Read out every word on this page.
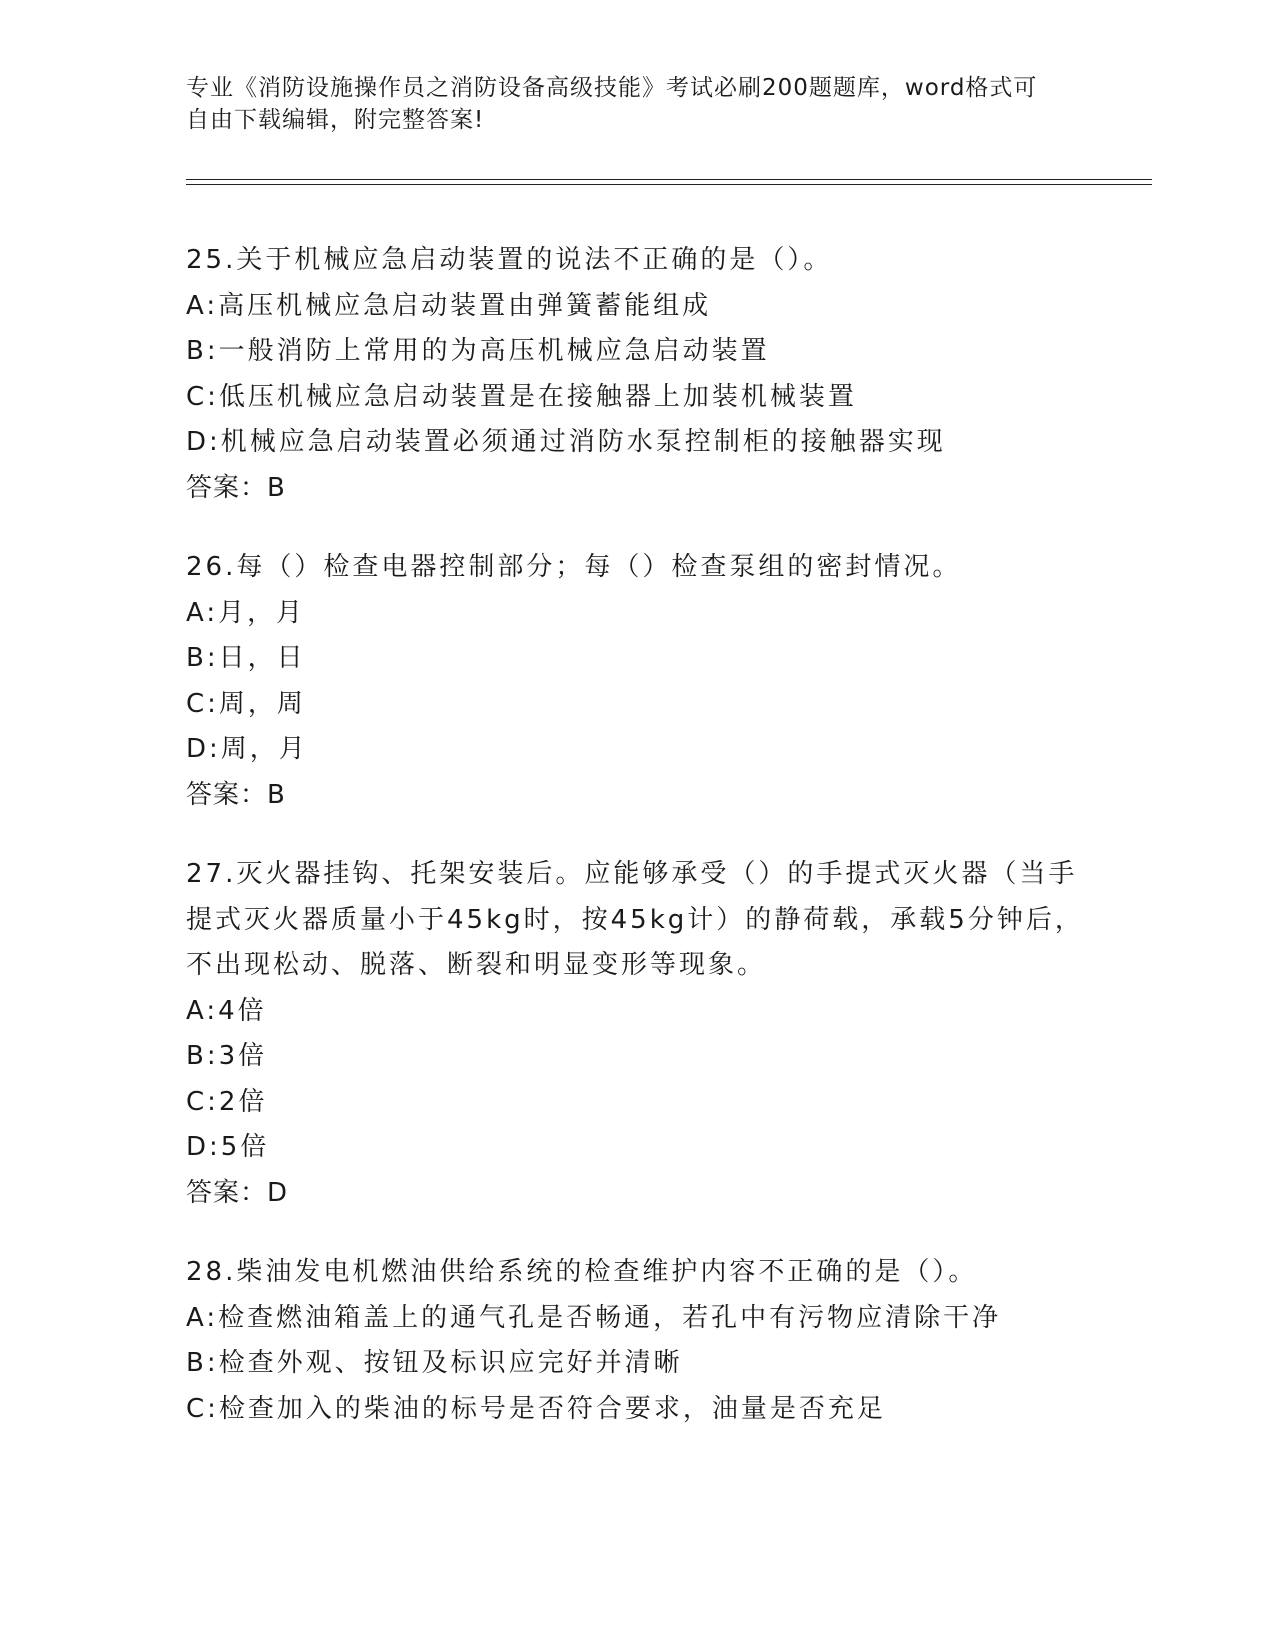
专业《消防设施操作员之消防设备高级技能》考试必刷200题题库，word格式可
自由下载编辑，附完整答案!
25.关于机械应急启动装置的说法不正确的是（）。
A:高压机械应急启动装置由弹簧蓄能组成
B:一般消防上常用的为高压机械应急启动装置
C:低压机械应急启动装置是在接触器上加装机械装置
D:机械应急启动装置必须通过消防水泵控制柜的接触器实现
答案：B
26.每（）检查电器控制部分；每（）检查泵组的密封情况。
A:月，月
B:日，日
C:周，周
D:周，月
答案：B
27.灭火器挂钩、托架安装后。应能够承受（）的手提式灭火器（当手提式灭火器质量小于45kg时，按45kg计）的静荷载，承载5分钟后，不出现松动、脱落、断裂和明显变形等现象。
A:4倍
B:3倍
C:2倍
D:5倍
答案：D
28.柴油发电机燃油供给系统的检查维护内容不正确的是（）。
A:检查燃油箱盖上的通气孔是否畅通，若孔中有污物应清除干净
B:检查外观、按钮及标识应完好并清晰
C:检查加入的柴油的标号是否符合要求，油量是否充足
